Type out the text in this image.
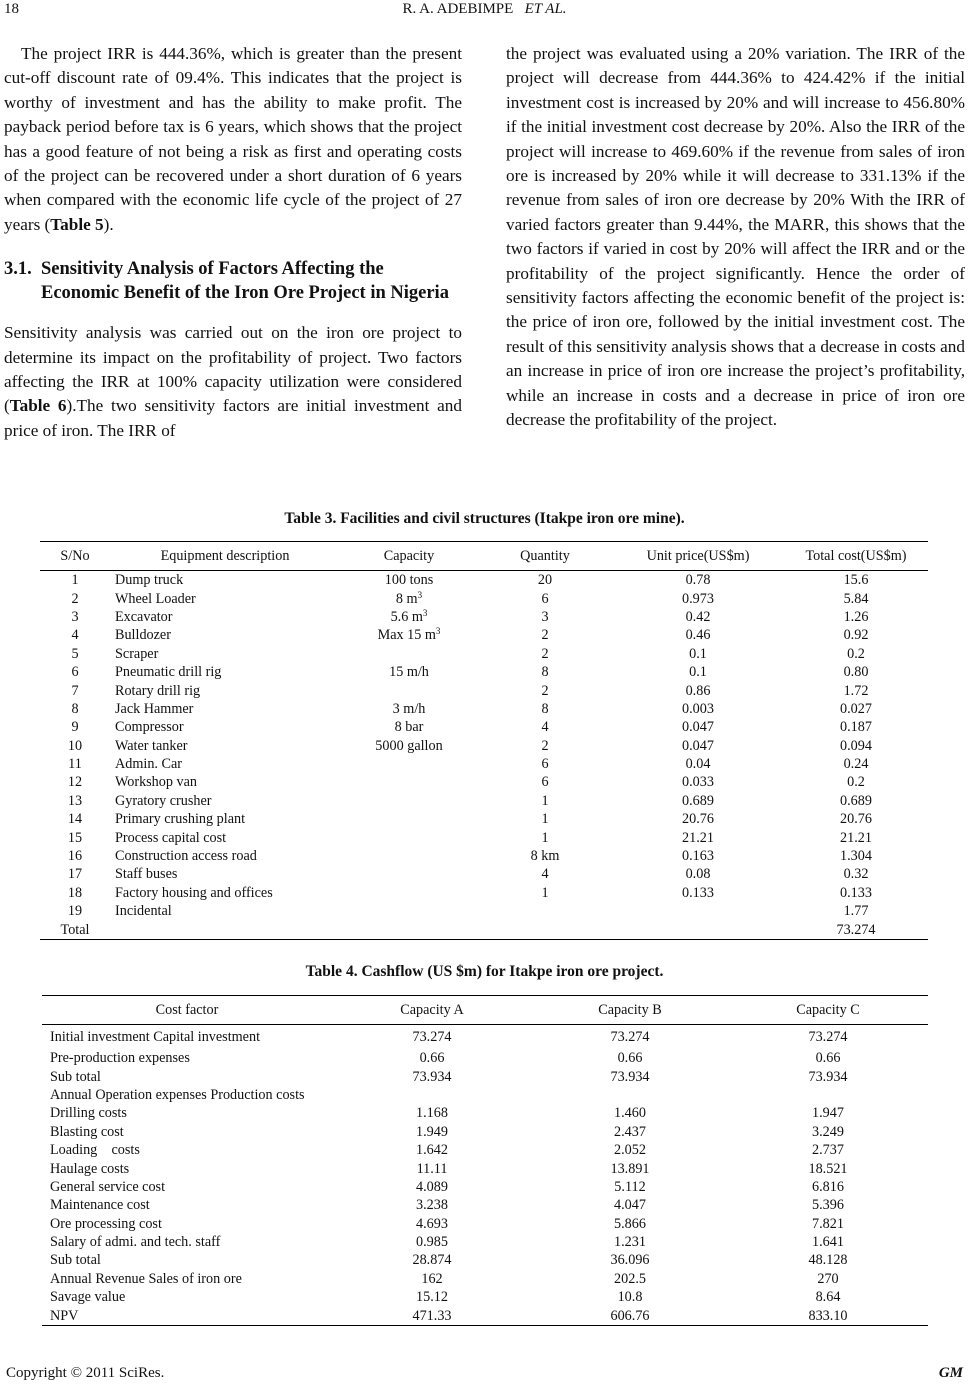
18	R. A. ADEBIMPE ET AL.

The project IRR is 444.36%, which is greater than the present cut-off discount rate of 09.4%. This indicates that the project is worthy of investment and has the ability to make profit. The payback period before tax is 6 years, which shows that the project has a good feature of not being a risk as first and operating costs of the project can be recovered under a short duration of 6 years when compared with the economic life cycle of the project of 27 years (Table 5).

3.1. Sensitivity Analysis of Factors Affecting the Economic Benefit of the Iron Ore Project in Nigeria

Sensitivity analysis was carried out on the iron ore project to determine its impact on the profitability of project. Two factors affecting the IRR at 100% capacity utilization were considered (Table 6).The two sensitivity factors are initial investment and price of iron. The IRR of

the project was evaluated using a 20% variation. The IRR of the project will decrease from 444.36% to 424.42% if the initial investment cost is increased by 20% and will increase to 456.80% if the initial investment cost decrease by 20%. Also the IRR of the project will increase to 469.60% if the revenue from sales of iron ore is increased by 20% while it will decrease to 331.13% if the revenue from sales of iron ore decrease by 20% With the IRR of varied factors greater than 9.44%, the MARR, this shows that the two factors if varied in cost by 20% will affect the IRR and or the profitability of the project significantly. Hence the order of sensitivity factors affecting the economic benefit of the project is: the price of iron ore, followed by the initial investment cost. The result of this sensitivity analysis shows that a decrease in costs and an increase in price of iron ore increase the project’s profitability, while an increase in costs and a decrease in price of iron ore decrease the profitability of the project.

Table 3. Facilities and civil structures (Itakpe iron ore mine).
S/No	Equipment description	Capacity	Quantity	Unit price(US$m)	Total cost(US$m)
1	Dump truck	100 tons	20	0.78	15.6
2	Wheel Loader	8 $m^3$	6	0.973	5.84
3	Excavator	5.6 $m^3$	3	0.42	1.26
4	Bulldozer	Max 15 $m^3$	2	0.46	0.92
5	Scraper		2	0.1	0.2
6	Pneumatic drill rig	15 m/h	8	0.1	0.80
7	Rotary drill rig		2	0.86	1.72
8	Jack Hammer	3 m/h	8	0.003	0.027
9	Compressor	8 bar	4	0.047	0.187
10	Water tanker	5000 gallon	2	0.047	0.094
11	Admin. Car		6	0.04	0.24
12	Workshop van		6	0.033	0.2
13	Gyratory crusher		1	0.689	0.689
14	Primary crushing plant		1	20.76	20.76
15	Process capital cost		1	21.21	21.21
16	Construction access road		8 km	0.163	1.304
17	Staff buses		4	0.08	0.32
18	Factory housing and offices		1	0.133	0.133
19	Incidental				1.77
Total					73.274
Table 4. Cashflow (US $m) for Itakpe iron ore project.
Cost factor	Capacity A	Capacity B	Capacity C
Initial investment Capital investment	73.274	73.274	73.274
Pre-production expenses	0.66	0.66	0.66
Sub total	73.934	73.934	73.934
Annual Operation expenses Production costs			
Drilling costs	1.168	1.460	1.947
Blasting cost	1.949	2.437	3.249
Loading    costs	1.642	2.052	2.737
Haulage costs	11.11	13.891	18.521
General service cost	4.089	5.112	6.816
Maintenance cost	3.238	4.047	5.396
Ore processing cost	4.693	5.866	7.821
Salary of admi. and tech. staff	0.985	1.231	1.641
Sub total	28.874	36.096	48.128
Annual Revenue Sales of iron ore	162	202.5	270
Savage value	15.12	10.8	8.64
NPV	471.33	606.76	833.10
Copyright © 2011 SciRes.	GM
